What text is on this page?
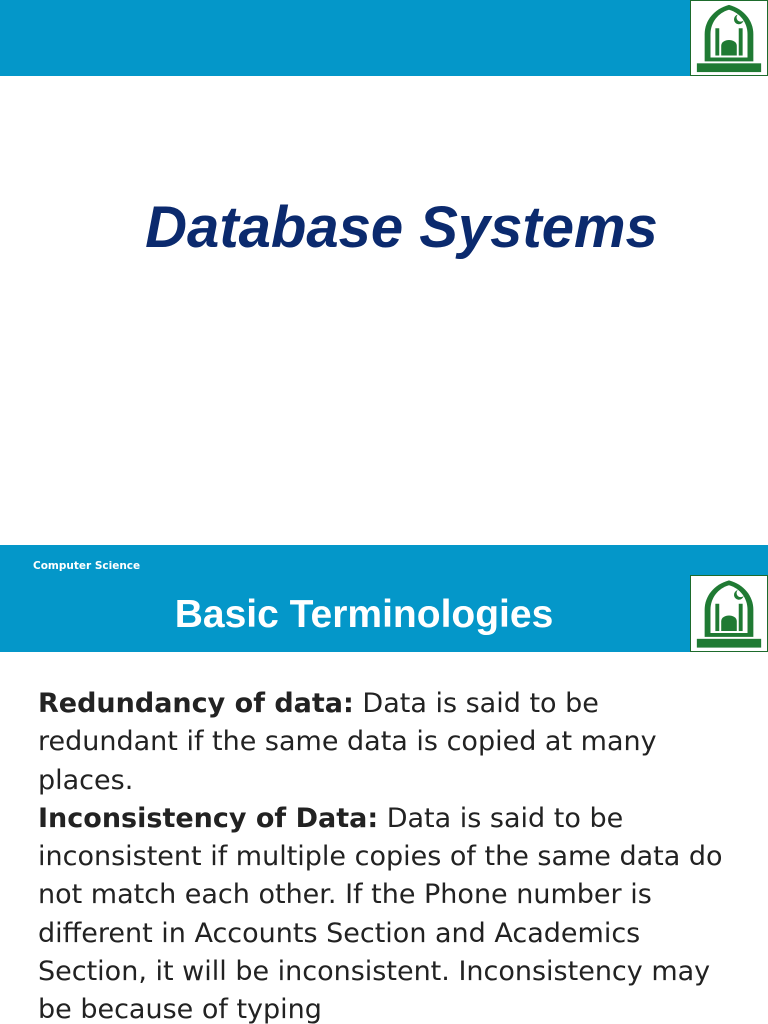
Database Systems
Computer Science
Basic Terminologies

Redundancy of data: Data is said to be redundant if the same data is copied at many places.

Inconsistency of Data: Data is said to be inconsistent if multiple copies of the same data do not match each other. If the Phone number is different in Accounts Section and Academics Section, it will be inconsistent. Inconsistency may be because of typing
